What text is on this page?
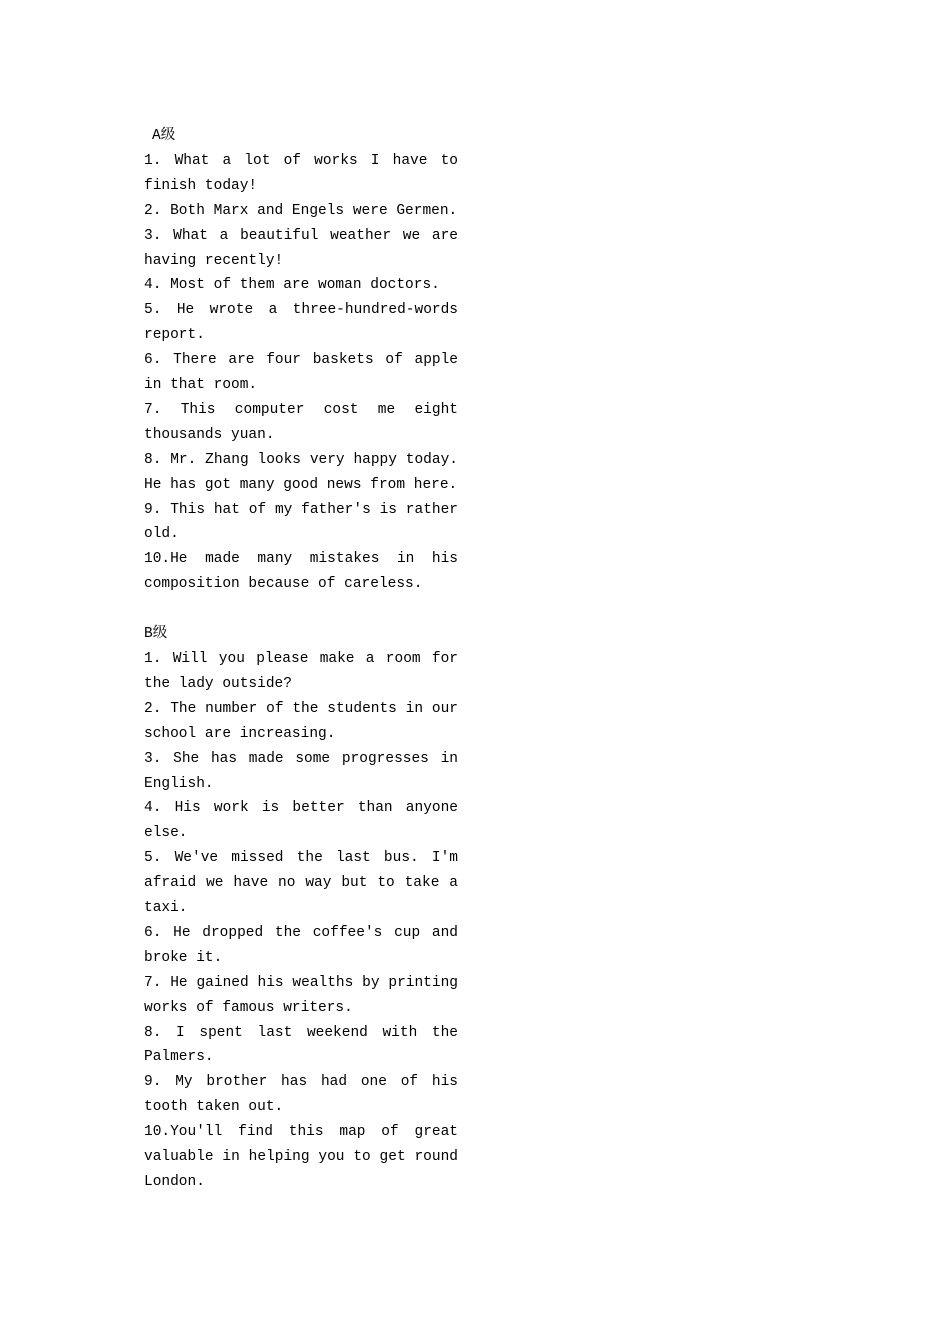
A级
1. What a lot of works I have to finish today!
2. Both Marx and Engels were Germen.
3. What a beautiful weather we are having recently!
4. Most of them are woman doctors.
5. He wrote a three-hundred-words report.
6. There are four baskets of apple in that room.
7. This computer cost me eight thousands yuan.
8. Mr. Zhang looks very happy today. He has got many good news from here.
9. This hat of my father's is rather old.
10.He made many mistakes in his composition because of careless.
B级
1. Will you please make a room for the lady outside?
2. The number of the students in our school are increasing.
3. She has made some progresses in English.
4. His work is better than anyone else.
5. We've missed the last bus. I'm afraid we have no way but to take a taxi.
6. He dropped the coffee's cup and broke it.
7. He gained his wealths by printing works of famous writers.
8. I spent last weekend with the Palmers.
9. My brother has had one of his tooth taken out.
10.You'll find this map of great valuable in helping you to get round London.
